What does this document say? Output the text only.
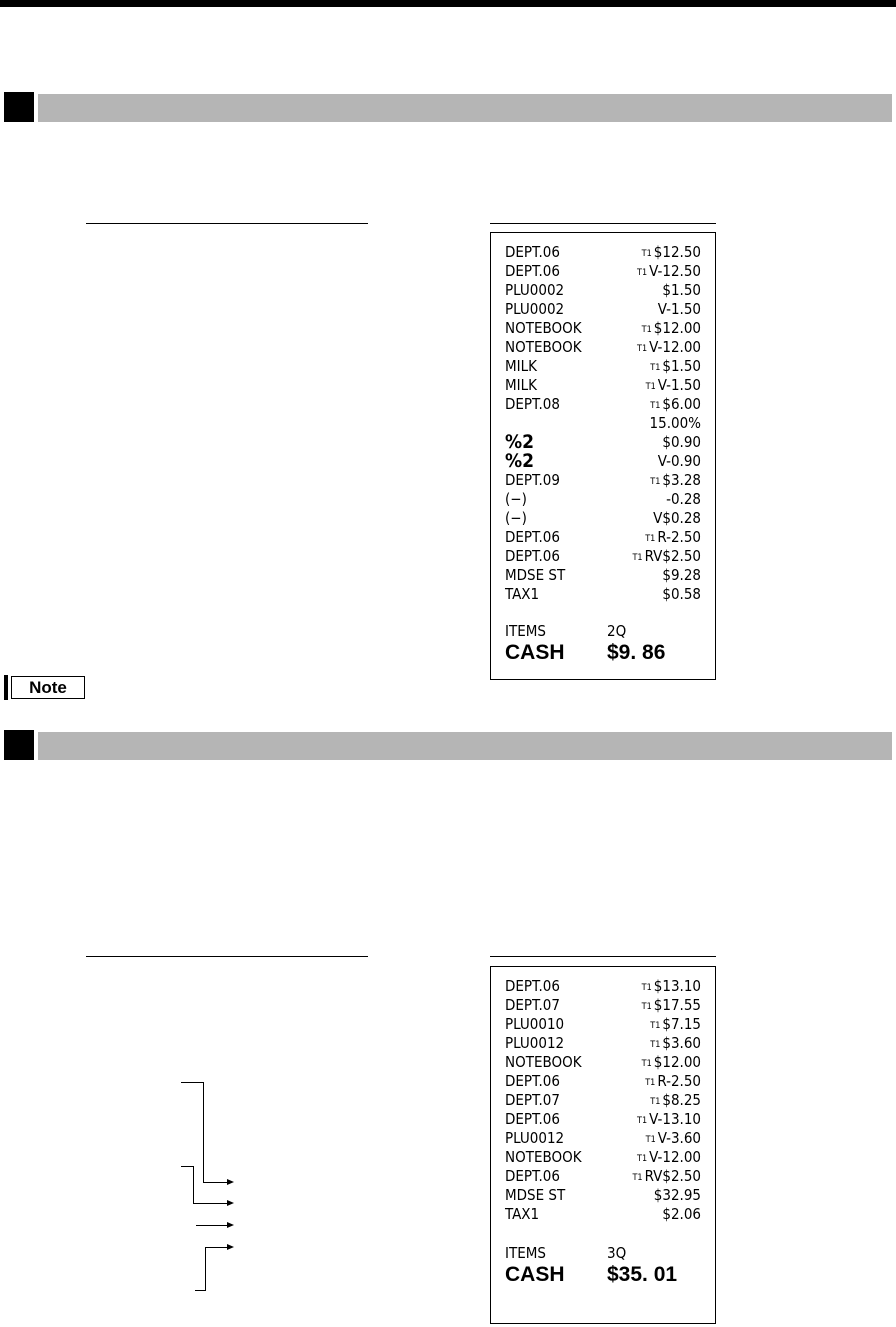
DEPT.06	T1 $12.50
DEPT.06	T1 V-12.50
PLU0002	$1.50
PLU0002	V-1.50
NOTEBOOK	T1 $12.00
NOTEBOOK	T1 V-12.00
MILK	T1 $1.50
MILK	T1 V-1.50
DEPT.08	T1 $6.00
15.00%
%2	$0.90
%2	V-0.90
DEPT.09	T1 $3.28
(−)	-0.28
(−)	V$0.28
DEPT.06	T1 R-2.50
DEPT.06	T1 RV$2.50
MDSE ST	$9.28
TAX1	$0.58
ITEMS	2Q
CASH $9. 86
Note
DEPT.06	T1 $13.10
DEPT.07	T1 $17.55
PLU0010	T1 $7.15
PLU0012	T1 $3.60
NOTEBOOK	T1 $12.00
DEPT.06	T1 R-2.50
DEPT.07	T1 $8.25
DEPT.06	T1 V-13.10
PLU0012	T1 V-3.60
NOTEBOOK	T1 V-12.00
DEPT.06	T1 RV$2.50
MDSE ST	$32.95
TAX1	$2.06
ITEMS	3Q
CASH $35. 01
